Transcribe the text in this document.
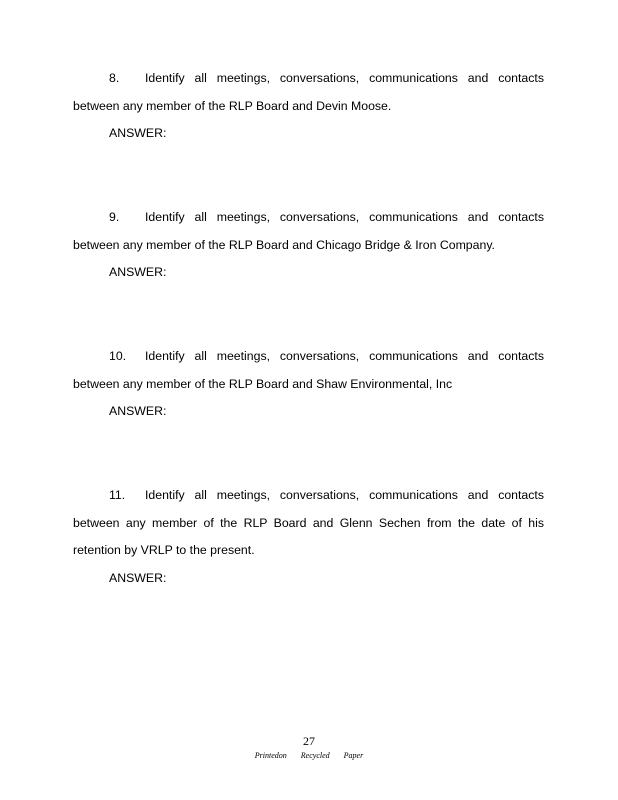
8. Identify all meetings, conversations, communications and contacts between any member of the RLP Board and Devin Moose.

ANSWER:

9. Identify all meetings, conversations, communications and contacts between any member of the RLP Board and Chicago Bridge & Iron Company.

ANSWER:

10. Identify all meetings, conversations, communications and contacts between any member of the RLP Board and Shaw Environmental, Inc

ANSWER:

11. Identify all meetings, conversations, communications and contacts between any member of the RLP Board and Glenn Sechen from the date of his retention by VRLP to the present.

ANSWER:

27
Printedon Recycled Paper
